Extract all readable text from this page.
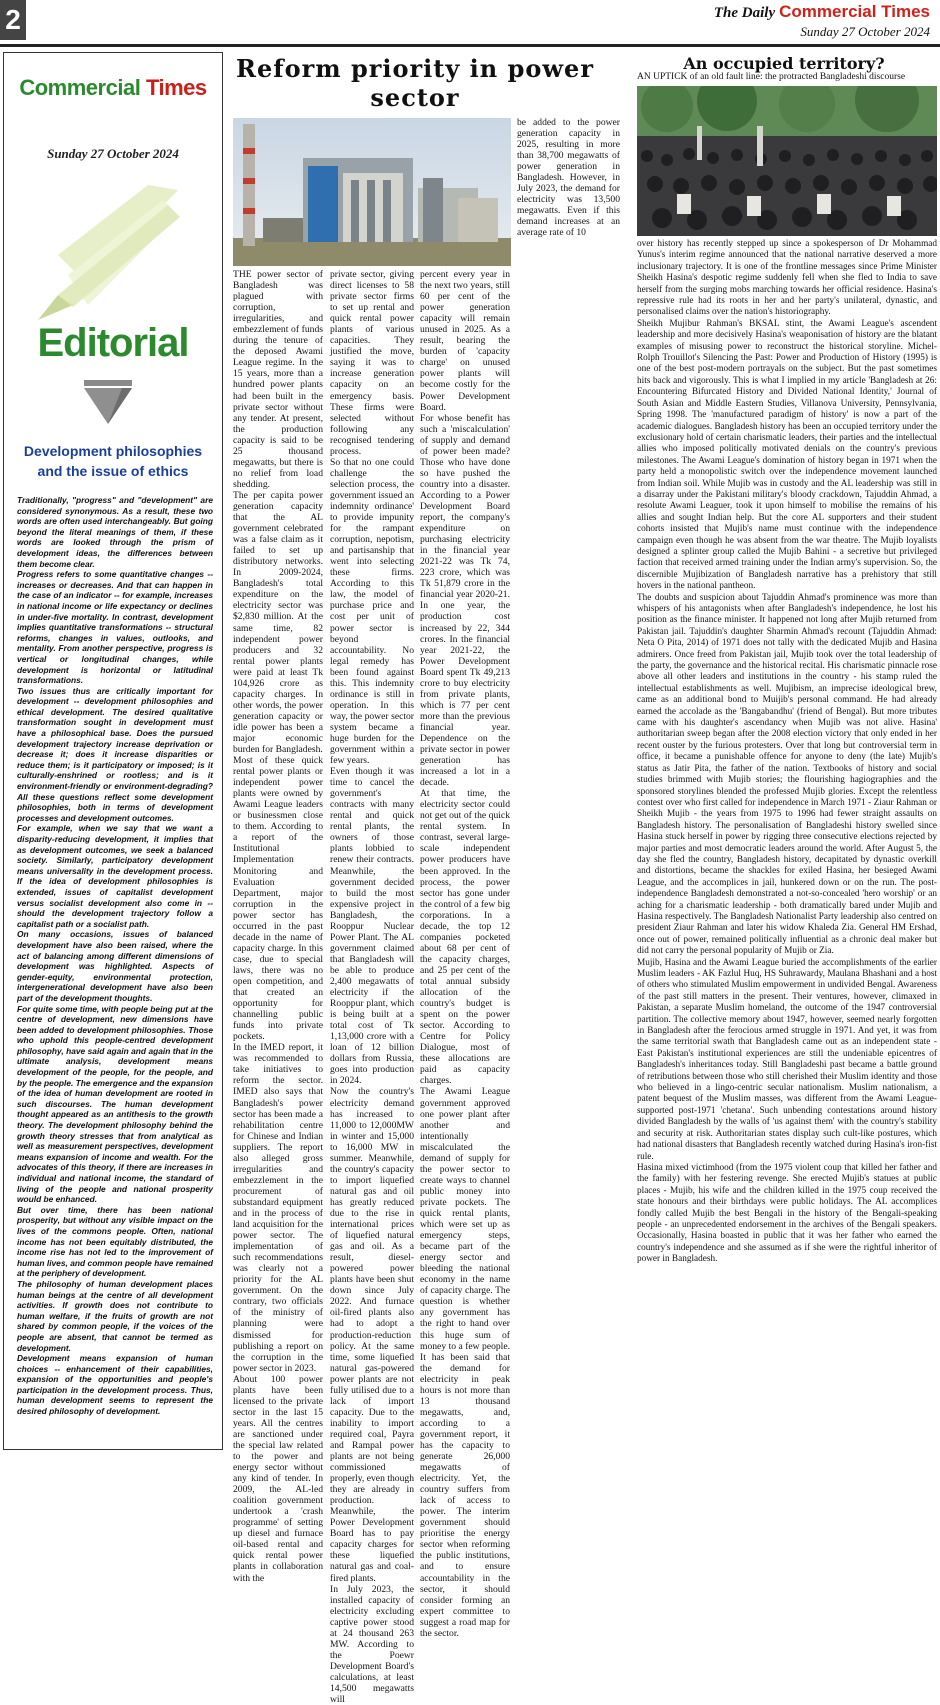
2	The Daily Commercial Times
Sunday 27 October 2024
Commercial Times
Sunday 27 October 2024
Editorial
Development philosophies and the issue of ethics

Traditionally, "progress" and "development" are considered synonymous. As a result, these two words are often used interchangeably. But going beyond the literal meanings of them, if these words are looked through the prism of development ideas, the differences between them become clear.

Progress refers to some quantitative changes -- increases or decreases. And that can happen in the case of an indicator -- for example, increases in national income or life expectancy or declines in under-five mortality. In contrast, development implies quantitative transformations -- structural reforms, changes in values, outlooks, and mentality. From another perspective, progress is vertical or longitudinal changes, while development is horizontal or latitudinal transformations.

Two issues thus are critically important for development -- development philosophies and ethical development. The desired qualitative transformation sought in development must have a philosophical base. Does the pursued development trajectory increase deprivation or decrease it; does it increase disparities or reduce them; is it participatory or imposed; is it culturally-enshrined or rootless; and is it environment-friendly or environment-degrading? All these questions reflect some development philosophies, both in terms of development processes and development outcomes.

For example, when we say that we want a disparity-reducing development, it implies that as development outcomes, we seek a balanced society. Similarly, participatory development means universality in the development process. If the idea of development philosophies is extended, issues of capitalist development versus socialist development also come in -- should the development trajectory follow a capitalist path or a socialist path.

On many occasions, issues of balanced development have also been raised, where the act of balancing among different dimensions of development was highlighted. Aspects of gender-equity, environmental protection, intergenerational development have also been part of the development thoughts.

For quite some time, with people being put at the centre of development, new dimensions have been added to development philosophies. Those who uphold this people-centred development philosophy, have said again and again that in the ultimate analysis, development means development of the people, for the people, and by the people. The emergence and the expansion of the idea of human development are rooted in such discourses. The human development thought appeared as an antithesis to the growth theory. The development philosophy behind the growth theory stresses that from analytical as well as measurement perspectives, development means expansion of income and wealth. For the advocates of this theory, if there are increases in individual and national income, the standard of living of the people and national prosperity would be enhanced.

But over time, there has been national prosperity, but without any visible impact on the lives of the commons people. Often, national income has not been equitably distributed, the income rise has not led to the improvement of human lives, and common people have remained at the periphery of development.

The philosophy of human development places human beings at the centre of all development activities. If growth does not contribute to human welfare, if the fruits of growth are not shared by common people, if the voices of the people are absent, that cannot be termed as development.

Development means expansion of human choices -- enhancement of their capabilities, expansion of the opportunities and people's participation in the development process. Thus, human development seems to represent the desired philosophy of development.

Reform priority in power sector

THE power sector of Bangladesh was plagued with corruption, irregularities, and embezzlement of funds during the tenure of the deposed Awami League regime. In the 15 years, more than a hundred power plants had been built in the private sector without any tender. At present, the production capacity is said to be 25 thousand megawatts, but there is no relief from load shedding.

The per capita power generation capacity that the AL government celebrated was a false claim as it failed to set up distributory networks. In 2009-2024, Bangladesh's total expenditure on the electricity sector was $2,830 million. At the same time, 82 independent power producers and 32 rental power plants were paid at least Tk 104,926 crore as capacity charges. In other words, the power generation capacity or idle power has been a major economic burden for Bangladesh.

Most of these quick rental power plants or independent power plants were owned by Awami League leaders or businessmen close to them. According to a report of the Institutional Implementation Monitoring and Evaluation Department, major corruption in the power sector has occurred in the past decade in the name of capacity charge. In this case, due to special laws, there was no open competition, and that created an opportunity for channelling public funds into private pockets.

In the IMED report, it was recommended to take initiatives to reform the sector. IMED also says that Bangladesh's power sector has been made a rehabilitation centre for Chinese and Indian suppliers. The report also alleged gross irregularities and embezzlement in the procurement of substandard equipment and in the process of land acquisition for the power sector. The implementation of such recommendations was clearly not a priority for the AL government. On the contrary, two officials of the ministry of planning were dismissed for publishing a report on the corruption in the power sector in 2023.

About 100 power plants have been licensed to the private sector in the last 15 years. All the centres are sanctioned under the special law related to the power and energy sector without any kind of tender. In 2009, the AL-led coalition government undertook a 'crash programme' of setting up diesel and furnace oil-based rental and quick rental power plants in collaboration with the

private sector, giving direct licenses to 58 private sector firms to set up rental and quick rental power plants of various capacities. They justified the move, saying it was to increase generation capacity on an emergency basis. These firms were selected without following any recognised tendering process.

So that no one could challenge the selection process, the government issued an indemnity ordinance' to provide impunity for the rampant corruption, nepotism, and partisanship that went into selecting these firms. According to this law, the model of purchase price and cost per unit of power sector is beyond accountability. No legal remedy has been found against this. This indemnity ordinance is still in operation. In this way, the power sector system became a huge burden for the government within a few years.

Even though it was time to cancel the government's contracts with many rental and quick rental plants, the owners of those plants lobbied to renew their contracts. Meanwhile, the government decided to build the most expensive project in Bangladesh, the Rooppur Nuclear Power Plant. The AL government claimed that Bangladesh will be able to produce 2,400 megawatts of electricity if the Rooppur plant, which is being built at a total cost of Tk 1,13,000 crore with a loan of 12 billion dollars from Russia, goes into production in 2024.

Now the country's electricity demand has increased to 11,000 to 12,000MW in winter and 15,000 to 16,000 MW in summer. Meanwhile, the country's capacity to import liquefied natural gas and oil has greatly reduced due to the rise in international prices of liquefied natural gas and oil. As a result, diesel-powered power plants have been shut down since July 2022. And furnace oil-fired plants also had to adopt a production-reduction policy. At the same time, some liquefied natural gas-powered power plants are not fully utilised due to a lack of import capacity. Due to the inability to import required coal, Payra and Rampal power plants are not being commissioned properly, even though they are already in production. Meanwhile, the Power Development Board has to pay capacity charges for these liquefied natural gas and coal-fired plants.

In July 2023, the installed capacity of electricity excluding captive power stood at 24 thousand 263 MW. According to the Poewr Development Board's calculations, at least 14,500 megawatts will

percent every year in the next two years, still 60 per cent of the power generation capacity will remain unused in 2025. As a result, bearing the burden of 'capacity charge' on unused power plants will become costly for the Power Development Board.

For whose benefit has such a 'miscalculation' of supply and demand of power been made? Those who have done so have pushed the country into a disaster. According to a Power Development Board report, the company's expenditure on purchasing electricity in the financial year 2021-22 was Tk 74, 223 crore, which was Tk 51,879 crore in the financial year 2020-21. In one year, the production cost increased by 22, 344 crores. In the financial year 2021-22, the Power Development Board spent Tk 49,213 crore to buy electricity from private plants, which is 77 per cent more than the previous financial year. Dependence on the private sector in power generation has increased a lot in a decade.

At that time, the electricity sector could not get out of the quick rental system. In contrast, several large-scale independent power producers have been approved. In the process, the power sector has gone under the control of a few big corporations. In a decade, the top 12 companies pocketed about 68 per cent of the capacity charges, and 25 per cent of the total annual subsidy allocation of the country's budget is spent on the power sector. According to Centre for Policy Dialogue, most of these allocations are paid as capacity charges.

The Awami League government approved one power plant after another and intentionally miscalculated the demand of supply for the power sector to create ways to channel public money into private pockets. The quick rental plants, which were set up as emergency steps, became part of the energy sector and bleeding the national economy in the name of capacity charge. The question is whether any government has the right to hand over this huge sum of money to a few people. It has been said that the demand for electricity in peak hours is not more than 13 thousand megawatts, and, according to a government report, it has the capacity to generate 26,000 megawatts of electricity. Yet, the country suffers from lack of access to power. The interim government should prioritise the energy sector when reforming the public institutions, and to ensure accountability in the sector, it should consider forming an expert committee to suggest a road map for the sector.

be added to the power generation capacity in 2025, resulting in more than 38,700 megawatts of power generation in Bangladesh. However, in July 2023, the demand for electricity was 13,500 megawatts. Even if this demand increases at an average rate of 10

An occupied territory?
AN UPTICK of an old fault line: the protracted Bangladeshi discourse

over history has recently stepped up since a spokesperson of Dr Mohammad Yunus's interim regime announced that the national narrative deserved a more inclusionary trajectory. It is one of the frontline messages since Prime Minister Sheikh Hasina's despotic regime suddenly fell when she fled to India to save herself from the surging mobs marching towards her official residence. Hasina's repressive rule had its roots in her and her party's unilateral, dynastic, and personalised claims over the nation's historiography.

Sheikh Mujibur Rahman's BKSAL stint, the Awami League's ascendent leadership and more decisively Hasina's weaponisation of history are the blatant examples of misusing power to reconstruct the historical storyline. Michel-Rolph Trouillot's Silencing the Past: Power and Production of History (1995) is one of the best post-modern portrayals on the subject. But the past sometimes hits back and vigorously. This is what I implied in my article 'Bangladesh at 26: Encountering Bifurcated History and Divided National Identity,' Journal of South Asian and Middle Eastern Studies, Villanova University, Pennsylvania, Spring 1998. The 'manufactured paradigm of history' is now a part of the academic dialogues. Bangladesh history has been an occupied territory under the exclusionary hold of certain charismatic leaders, their parties and the intellectual allies who imposed politically motivated denials on the country's previous milestones. The Awami League's domination of history began in 1971 when the party held a monopolistic switch over the independence movement launched from Indian soil. While Mujib was in custody and the AL leadership was still in a disarray under the Pakistani military's bloody crackdown, Tajuddin Ahmad, a resolute Awami Leaguer, took it upon himself to mobilise the remains of his allies and sought Indian help. But the core AL supporters and their student cohorts insisted that Mujib's name must continue with the independence campaign even though he was absent from the war theatre. The Mujib loyalists designed a splinter group called the Mujib Bahini - a secretive but privileged faction that received armed training under the Indian army's supervision. So, the discernible Mujibization of Bangladesh narrative has a prehistory that still hovers in the national pantheon.

The doubts and suspicion about Tajuddin Ahmad's prominence was more than whispers of his antagonists when after Bangladesh's independence, he lost his position as the finance minister. It happened not long after Mujib returned from Pakistan jail. Tajuddin's daughter Sharmin Ahmad's recount (Tajuddin Ahmad: Neta O Pita, 2014) of 1971 does not tally with the dedicated Mujib and Hasina admirers. Once freed from Pakistan jail, Mujib took over the total leadership of the party, the governance and the historical recital. His charismatic pinnacle rose above all other leaders and institutions in the country - his stamp ruled the intellectual establishments as well. Mujibism, an imprecise ideological brew, came as an additional bond to Muijib's personal command. He had already earned the accolade as the 'Bangabandhu' (friend of Bengal). But more tributes came with his daughter's ascendancy when Mujib was not alive. Hasina' authoritarian sweep began after the 2008 election victory that only ended in her recent ouster by the furious protesters. Over that long but controversial term in office, it became a punishable offence for anyone to deny (the late) Mujib's status as Jatir Pita, the father of the nation. Textbooks of history and social studies brimmed with Mujib stories; the flourishing hagiographies and the sponsored storylines blended the professed Mujib glories. Except the relentless contest over who first called for independence in March 1971 - Ziaur Rahman or Sheikh Mujib - the years from 1975 to 1996 had fewer straight assaults on Bangladesh history. The personalisation of Bangladeshi history swelled since Hasina stuck herself in power by rigging three consecutive elections rejected by major parties and most democratic leaders around the world. After August 5, the day she fled the country, Bangladesh history, decapitated by dynastic overkill and distortions, became the shackles for exiled Hasina, her besieged Awami League, and the accomplices in jail, hunkered down or on the run. The post-independence Bangladesh demonstrated a not-so-concealed 'hero worship' or an aching for a charismatic leadership - both dramatically bared under Mujib and Hasina respectively. The Bangladesh Nationalist Party leadership also centred on president Ziaur Rahman and later his widow Khaleda Zia. General HM Ershad, once out of power, remained politically influential as a chronic deal maker but did not carry the personal popularity of Mujib or Zia.

Mujib, Hasina and the Awami League buried the accomplishments of the earlier Muslim leaders - AK Fazlul Huq, HS Suhrawardy, Maulana Bhashani and a host of others who stimulated Muslim empowerment in undivided Bengal. Awareness of the past still matters in the present. Their ventures, however, climaxed in Pakistan, a separate Muslim homeland, the outcome of the 1947 controversial partition. The collective memory about 1947, however, seemed nearly forgotten in Bangladesh after the ferocious armed struggle in 1971. And yet, it was from the same territorial swath that Bangladesh came out as an independent state - East Pakistan's institutional experiences are still the undeniable epicentres of Bangladesh's inheritances today. Still Bangladeshi past became a battle ground of retributions between those who still cherished their Muslim identity and those who believed in a lingo-centric secular nationalism. Muslim nationalism, a patent bequest of the Muslim masses, was different from the Awami League-supported post-1971 'chetana'. Such unbending contestations around history divided Bangladesh by the walls of 'us against them' with the country's stability and security at risk. Authoritarian states display such cult-like postures, which had national disasters that Bangladesh recently watched during Hasina's iron-fist rule.

Hasina mixed victimhood (from the 1975 violent coup that killed her father and the family) with her festering revenge. She erected Mujib's statues at public places - Mujib, his wife and the children killed in the 1975 coup received the state honours and their birthdays were public holidays. The AL accomplices fondly called Mujib the best Bengali in the history of the Bengali-speaking people - an unprecedented endorsement in the archives of the Bengali speakers. Occasionally, Hasina boasted in public that it was her father who earned the country's independence and she assumed as if she were the rightful inheritor of power in Bangladesh.
